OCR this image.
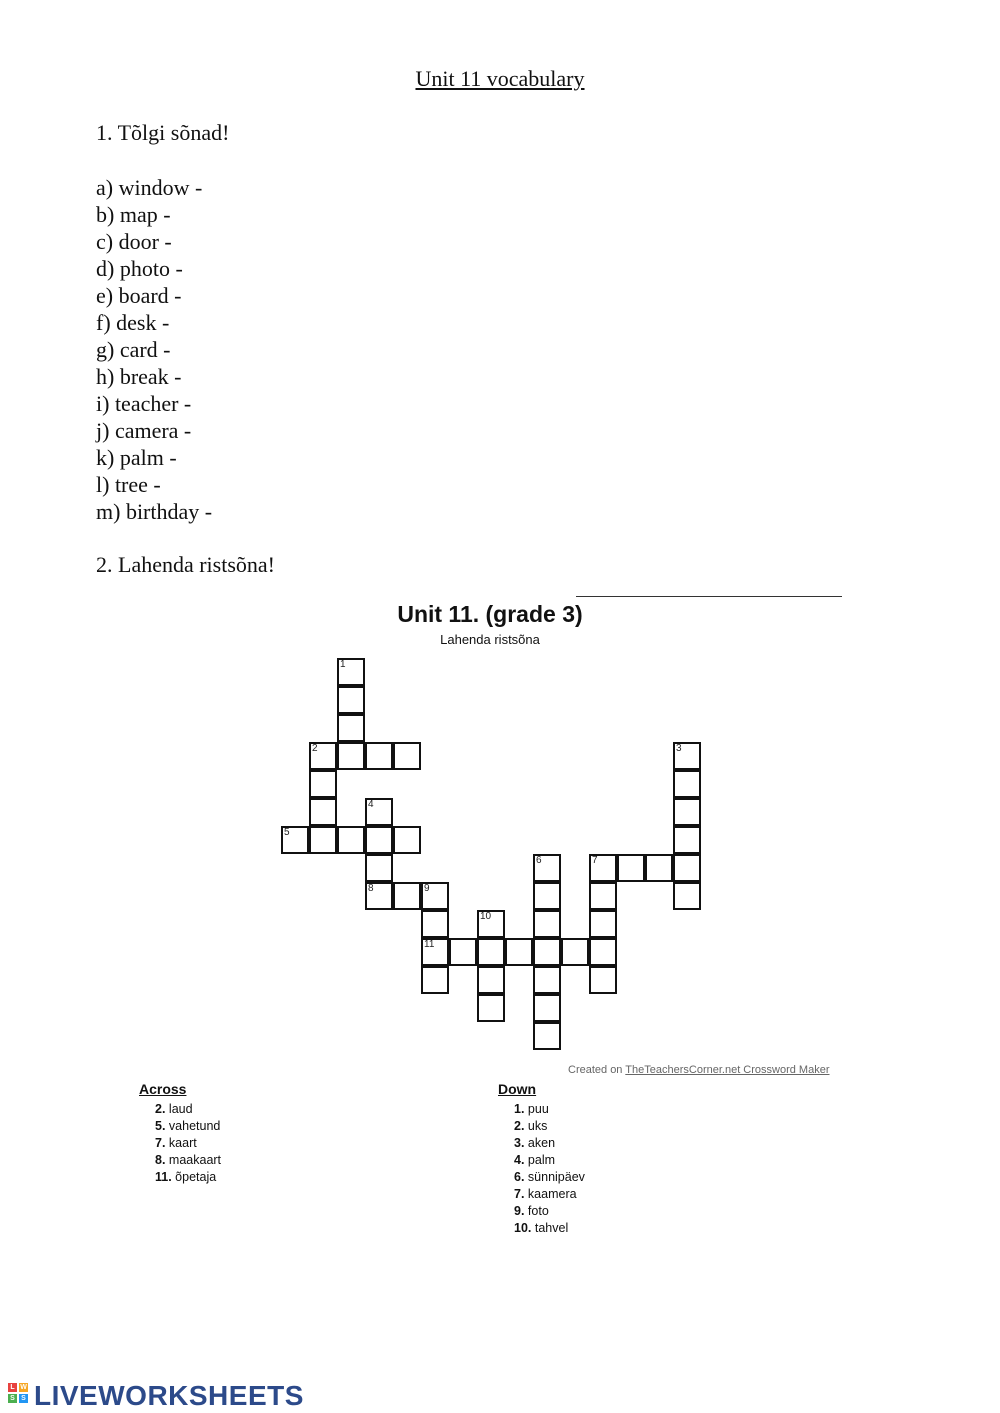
Unit 11 vocabulary
1. Tõlgi sõnad!
a) window -
b) map -
c) door -
d) photo -
e) board -
f) desk -
g) card -
h) break -
i) teacher -
j) camera -
k) palm -
l) tree -
m) birthday -
2. Lahenda ristsõna!
Unit 11. (grade 3)
Lahenda ristsõna
1
2
5
4
8	9
11
10
6	7
3
Created on TheTeachersCorner.net Crossword Maker
Across
2. laud
5. vahetund
7. kaart
8. maakaart
11. õpetaja
Down
1. puu
2. uks
3. aken
4. palm
6. sünnipäev
7. kaamera
9. foto
10. tahvel
L W
S S LIVEWORKSHEETS
